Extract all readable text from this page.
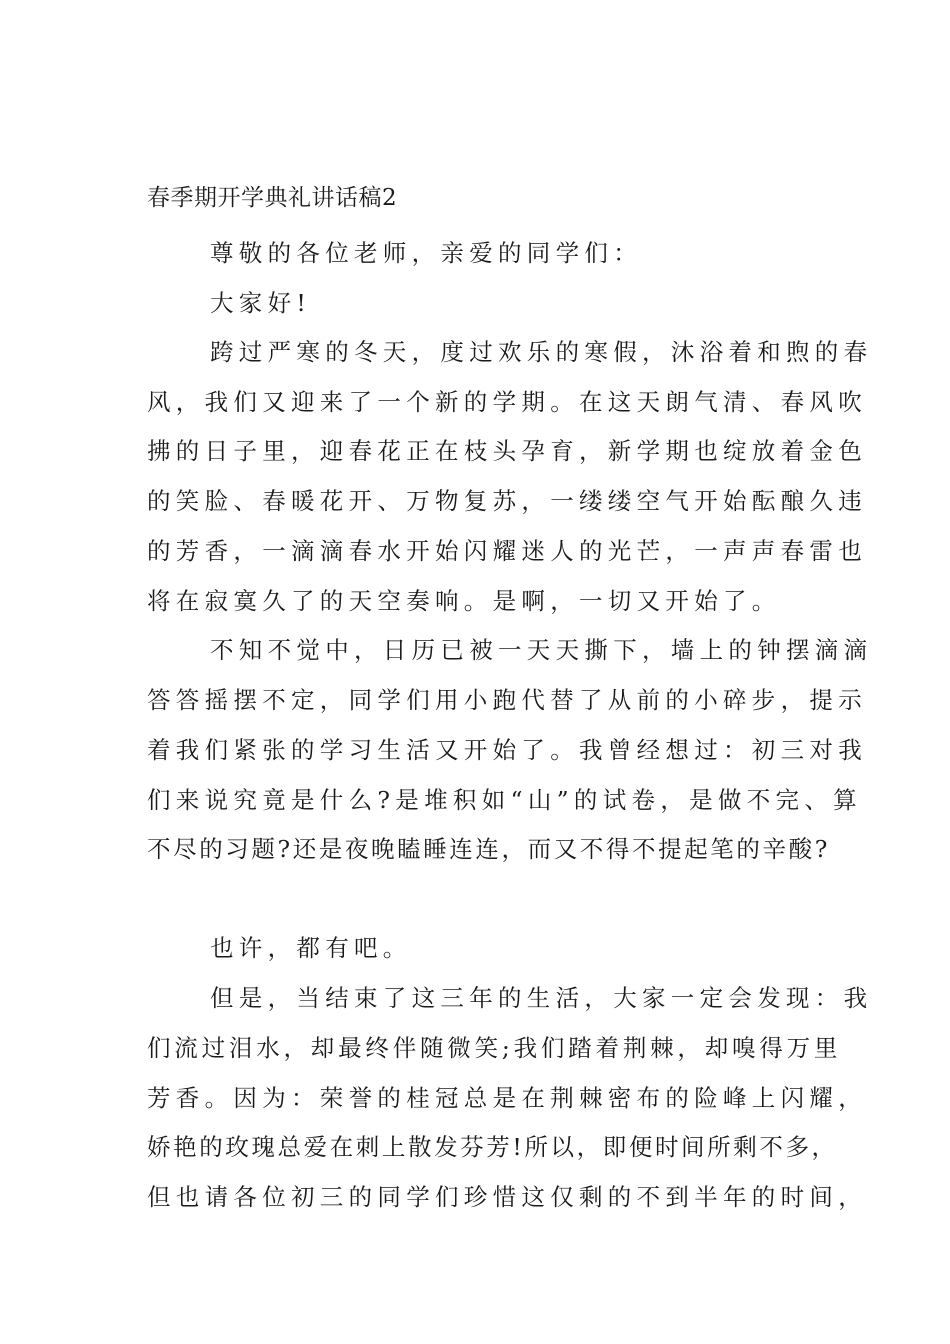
春季期开学典礼讲话稿2
尊敬的各位老师，亲爱的同学们：
大家好!
跨过严寒的冬天，度过欢乐的寒假，沐浴着和煦的春
风，我们又迎来了一个新的学期。在这天朗气清、春风吹
拂的日子里，迎春花正在枝头孕育，新学期也绽放着金色
的笑脸、春暖花开、万物复苏，一缕缕空气开始酝酿久违
的芳香，一滴滴春水开始闪耀迷人的光芒，一声声春雷也
将在寂寞久了的天空奏响。是啊，一切又开始了。
不知不觉中，日历已被一天天撕下，墙上的钟摆滴滴
答答摇摆不定，同学们用小跑代替了从前的小碎步，提示
着我们紧张的学习生活又开始了。我曾经想过：初三对我
们来说究竟是什么?是堆积如“山”的试卷，是做不完、算
不尽的习题?还是夜晚瞌睡连连，而又不得不提起笔的辛酸?
也许，都有吧。
但是，当结束了这三年的生活，大家一定会发现：我
们流过泪水，却最终伴随微笑;我们踏着荆棘，却嗅得万里
芳香。因为：荣誉的桂冠总是在荆棘密布的险峰上闪耀，
娇艳的玫瑰总爱在刺上散发芬芳!所以，即便时间所剩不多，
但也请各位初三的同学们珍惜这仅剩的不到半年的时间，
